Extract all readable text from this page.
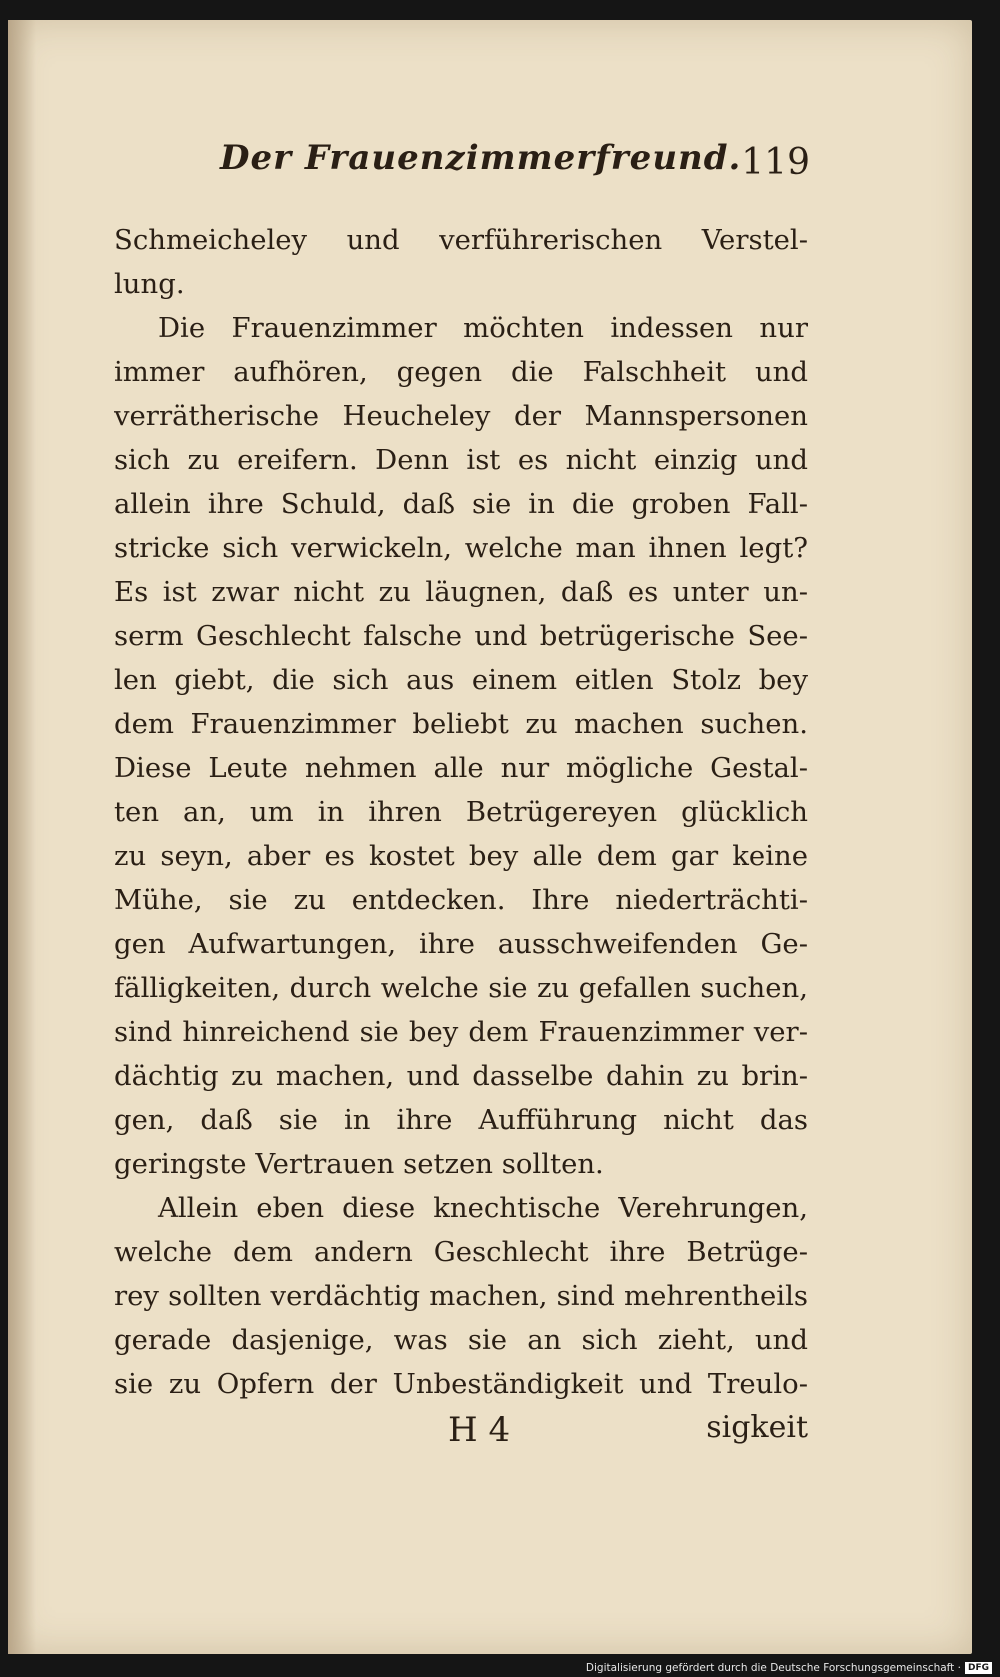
Der Frauenzimmerfreund. 119
Schmeicheley und verführerischen Verstel-
lung.
Die Frauenzimmer möchten indessen nur
immer aufhören, gegen die Falschheit und
verrätherische Heucheley der Mannspersonen
sich zu ereifern. Denn ist es nicht einzig und
allein ihre Schuld, daß sie in die groben Fall-
stricke sich verwickeln, welche man ihnen legt?
Es ist zwar nicht zu läugnen, daß es unter un-
serm Geschlecht falsche und betrügerische See-
len giebt, die sich aus einem eitlen Stolz bey
dem Frauenzimmer beliebt zu machen suchen.
Diese Leute nehmen alle nur mögliche Gestal-
ten an, um in ihren Betrügereyen glücklich
zu seyn, aber es kostet bey alle dem gar keine
Mühe, sie zu entdecken. Ihre niederträchti-
gen Aufwartungen, ihre ausschweifenden Ge-
fälligkeiten, durch welche sie zu gefallen suchen,
sind hinreichend sie bey dem Frauenzimmer ver-
dächtig zu machen, und dasselbe dahin zu brin-
gen, daß sie in ihre Aufführung nicht das
geringste Vertrauen setzen sollten.
Allein eben diese knechtische Verehrungen,
welche dem andern Geschlecht ihre Betrüge-
rey sollten verdächtig machen, sind mehrentheils
gerade dasjenige, was sie an sich zieht, und
sie zu Opfern der Unbeständigkeit und Treulo-
H 4	sigkeit
Digitalisierung gefördert durch die Deutsche Forschungsgemeinschaft · DFG
